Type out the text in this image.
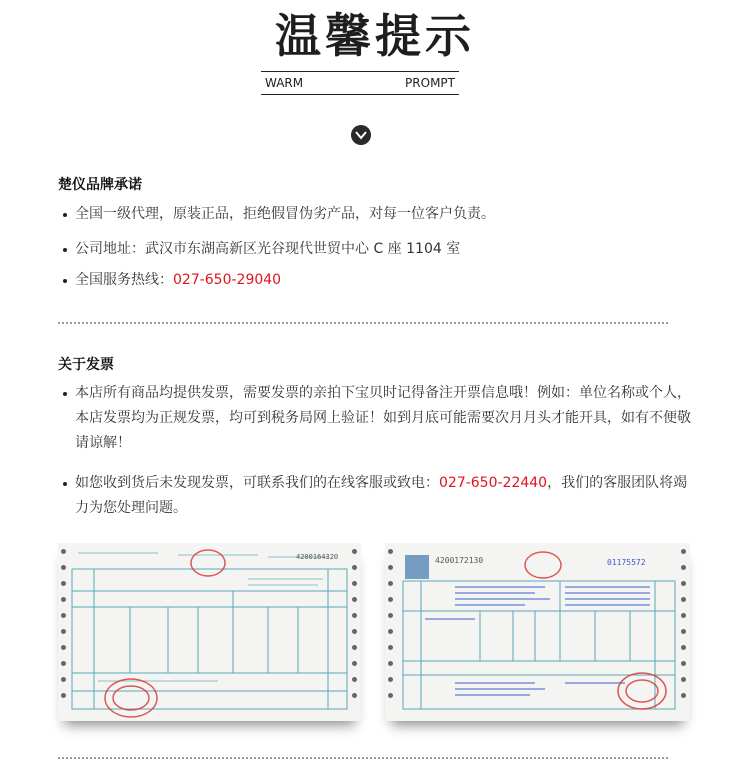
温馨提示
WARM PROMPT
楚仪品牌承诺
全国一级代理，原装正品，拒绝假冒伪劣产品，对每一位客户负责。
公司地址：武汉市东湖高新区光谷现代世贸中心 C 座 1104 室
全国服务热线：027-650-29040
关于发票
本店所有商品均提供发票，需要发票的亲拍下宝贝时记得备注开票信息哦！例如：单位名称或个人，本店发票均为正规发票，均可到税务局网上验证！如到月底可能需要次月月头才能开具，如有不便敬请谅解！
如您收到货后未发现发票，可联系我们的在线客服或致电：027-650-22440，我们的客服团队将竭力为您处理问题。
4200164320	4200172130	01175572
